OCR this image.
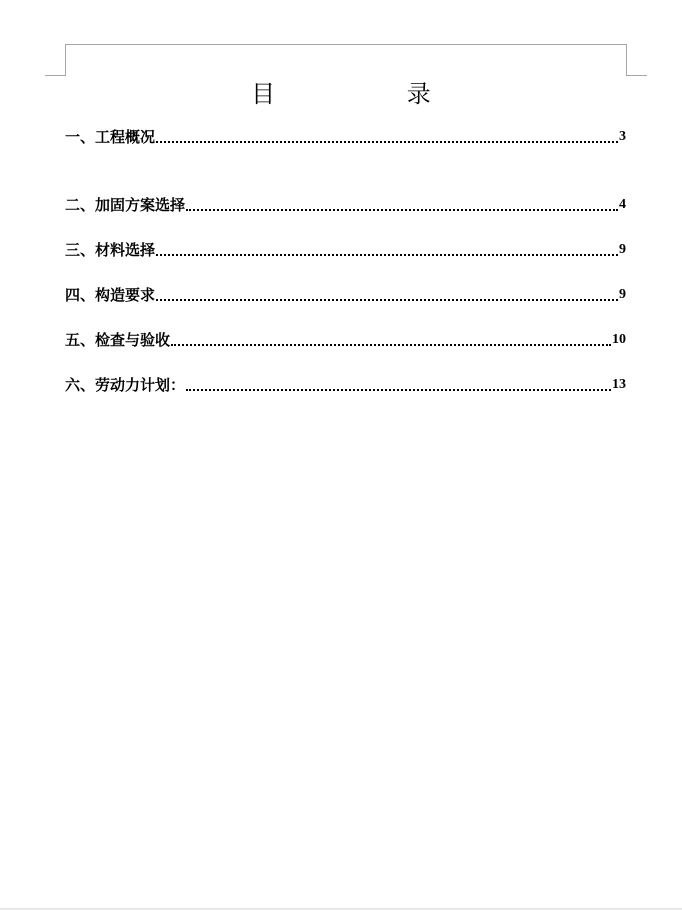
目 录
一、工程概况	3
二、加固方案选择	4
三、材料选择	9
四、构造要求	9
五、检查与验收	10
六、劳动力计划：	13
